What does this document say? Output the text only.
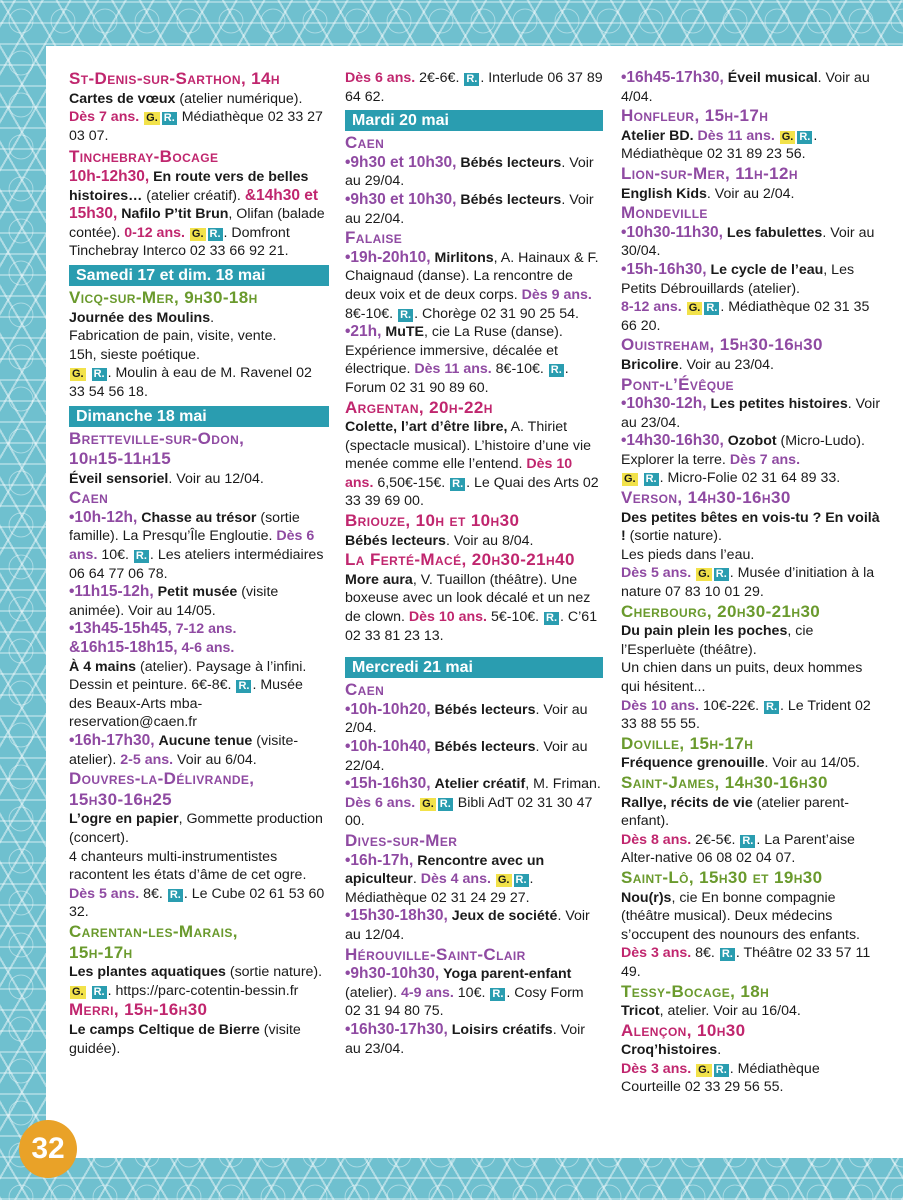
St-Denis-sur-Sarthon, 14h

Cartes de vœux (atelier numérique). Dès 7 ans. G. R. Médiathèque 02 33 27 03 07.

Tinchebray-Bocage

10h-12h30, En route vers de belles histoires… (atelier créatif). &14h30 et 15h30, Nafilo P’tit Brun, Olifan (balade contée). 0-12 ans. G. R. . Domfront Tinchebray Interco 02 33 66 92 21.

Samedi 17 et dim. 18 mai

Vicq-sur-Mer, 9h30-18h

Journée des Moulins.
Fabrication de pain, visite, vente.
15h, sieste poétique.
G. R. . Moulin à eau de M. Ravenel 02 33 54 56 18.

Dimanche 18 mai

Bretteville-sur-Odon,
10h15-11h15

Éveil sensoriel. Voir au 12/04.

Caen

•10h-12h, Chasse au trésor (sortie famille). La Presqu’Île Engloutie. Dès 6 ans. 10€. R. . Les ateliers intermédiaires 06 64 77 06 78.

•11h15-12h, Petit musée (visite animée). Voir au 14/05.

•13h45-15h45, 7-12 ans.
&16h15-18h15, 4-6 ans.
À 4 mains (atelier). Paysage à l’infini. Dessin et peinture. 6€-8€. R. . Musée des Beaux-Arts mba-reservation@caen.fr

•16h-17h30, Aucune tenue (visite-atelier). 2-5 ans. Voir au 6/04.

Douvres-la-Délivrande,
15h30-16h25

L’ogre en papier, Gommette production (concert).
4 chanteurs multi-instrumentistes racontent les états d’âme de cet ogre. Dès 5 ans. 8€. R. . Le Cube 02 61 53 60 32.

Carentan-les-Marais,
15h-17h

Les plantes aquatiques (sortie nature).
G. R. . https://parc-cotentin-bessin.fr

Merri, 15h-16h30

Le camps Celtique de Bierre (visite guidée).

Dès 6 ans. 2€-6€. R. . Interlude 06 37 89 64 62.

Mardi 20 mai

Caen

•9h30 et 10h30, Bébés lecteurs. Voir au 29/04.

•9h30 et 10h30, Bébés lecteurs. Voir au 22/04.

Falaise

•19h-20h10, Mirlitons, A. Hainaux & F. Chaignaud (danse). La rencontre de deux voix et de deux corps. Dès 9 ans. 8€-10€. R. . Chorège 02 31 90 25 54.

•21h, MuTE, cie La Ruse (danse). Expérience immersive, décalée et électrique. Dès 11 ans. 8€-10€. R. . Forum 02 31 90 89 60.

Argentan, 20h-22h

Colette, l’art d’être libre, A. Thiriet (spectacle musical). L’histoire d’une vie menée comme elle l’entend. Dès 10 ans. 6,50€-15€. R. . Le Quai des Arts 02 33 39 69 00.

Briouze, 10h et 10h30

Bébés lecteurs. Voir au 8/04.

La Ferté-Macé, 20h30-21h40

More aura, V. Tuaillon (théâtre). Une boxeuse avec un look décalé et un nez de clown. Dès 10 ans. 5€-10€. R. . C’61 02 33 81 23 13.

Mercredi 21 mai

Caen

•10h-10h20, Bébés lecteurs. Voir au 2/04.

•10h-10h40, Bébés lecteurs. Voir au 22/04.

•15h-16h30, Atelier créatif, M. Friman. Dès 6 ans. G. R. Bibli AdT 02 31 30 47 00.

Dives-sur-Mer

•16h-17h, Rencontre avec un apiculteur. Dès 4 ans. G. R. . Médiathèque 02 31 24 29 27.

•15h30-18h30, Jeux de société. Voir au 12/04.

Hérouville-Saint-Clair

•9h30-10h30, Yoga parent-enfant (atelier). 4-9 ans. 10€. R. . Cosy Form 02 31 94 80 75.

•16h30-17h30, Loisirs créatifs. Voir au 23/04.

•16h45-17h30, Éveil musical. Voir au 4/04.

Honfleur, 15h-17h

Atelier BD. Dès 11 ans. G. R. . Médiathèque 02 31 89 23 56.

Lion-sur-Mer, 11h-12h

English Kids. Voir au 2/04.

Mondeville

•10h30-11h30, Les fabulettes. Voir au 30/04.

•15h-16h30, Le cycle de l’eau, Les Petits Débrouillards (atelier).
8-12 ans. G. R. . Médiathèque 02 31 35 66 20.

Ouistreham, 15h30-16h30

Bricolire. Voir au 23/04.

Pont-l’Évêque

•10h30-12h, Les petites histoires. Voir au 23/04.

•14h30-16h30, Ozobot (Micro-Ludo). Explorer la terre. Dès 7 ans.
G. R. . Micro-Folie 02 31 64 89 33.

Verson, 14h30-16h30

Des petites bêtes en vois-tu ? En voilà ! (sortie nature).
Les pieds dans l’eau.
Dès 5 ans. G. R. . Musée d’initiation à la nature 07 83 10 01 29.

Cherbourg, 20h30-21h30

Du pain plein les poches, cie l’Esperluète (théâtre).
Un chien dans un puits, deux hommes qui hésitent...
Dès 10 ans. 10€-22€. R. . Le Trident 02 33 88 55 55.

Doville, 15h-17h

Fréquence grenouille. Voir au 14/05.

Saint-James, 14h30-16h30

Rallye, récits de vie (atelier parent-enfant).
Dès 8 ans. 2€-5€. R. . La Parent’aise Alter-native 06 08 02 04 07.

Saint-Lô, 15h30 et 19h30

Nou(r)s, cie En bonne compagnie (théâtre musical). Deux médecins s’occupent des nounours des enfants.
Dès 3 ans. 8€. R. . Théâtre 02 33 57 11 49.

Tessy-Bocage, 18h

Tricot, atelier. Voir au 16/04.

Alençon, 10h30

Croq’histoires.
Dès 3 ans. G. R. . Médiathèque Courteille 02 33 29 56 55.

32
